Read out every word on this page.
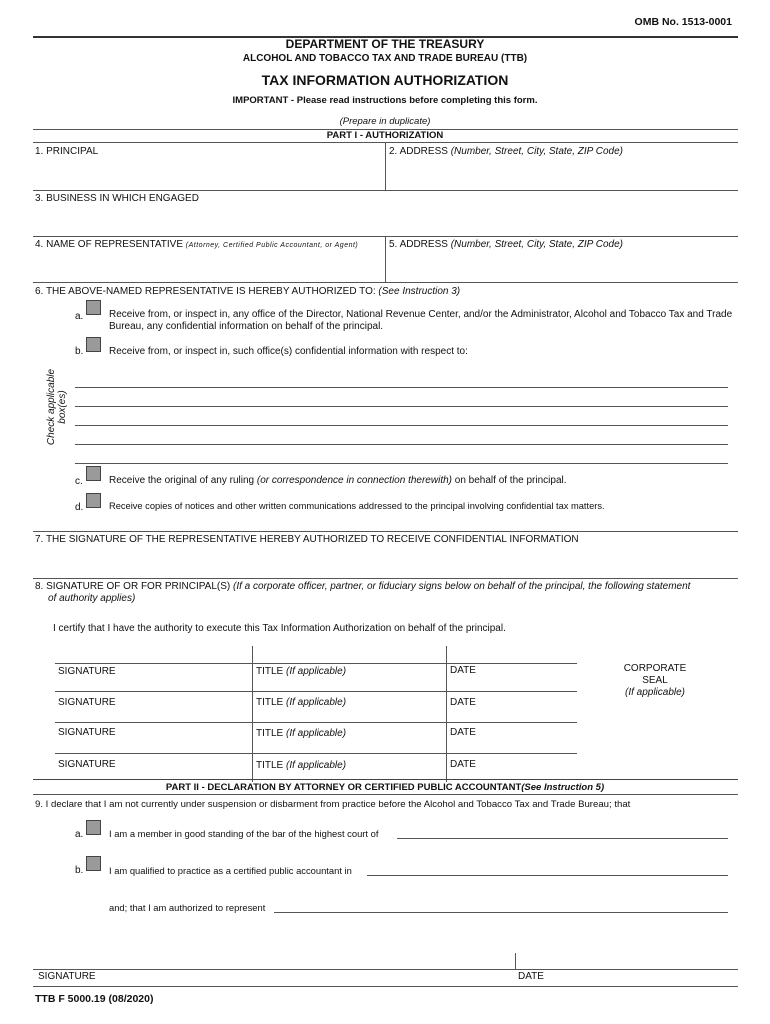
OMB No. 1513-0001
DEPARTMENT OF THE TREASURY
ALCOHOL AND TOBACCO TAX AND TRADE BUREAU (TTB)
TAX INFORMATION AUTHORIZATION
IMPORTANT - Please read instructions before completing this form.
(Prepare in duplicate)
PART I - AUTHORIZATION
1. PRINCIPAL	2. ADDRESS (Number, Street, City, State, ZIP Code)
3. BUSINESS IN WHICH ENGAGED
4. NAME OF REPRESENTATIVE (Attorney, Certified Public Accountant, or Agent)	5. ADDRESS (Number, Street, City, State, ZIP Code)
6. THE ABOVE-NAMED REPRESENTATIVE IS HEREBY AUTHORIZED TO: (See Instruction 3)
Check applicable box(es)
a.	Receive from, or inspect in, any office of the Director, National Revenue Center, and/or the Administrator, Alcohol and Tobacco Tax and Trade Bureau, any confidential information on behalf of the principal.
b.	Receive from, or inspect in, such office(s) confidential information with respect to:
c.	Receive the original of any ruling (or correspondence in connection therewith) on behalf of the principal.
d.	Receive copies of notices and other written communications addressed to the principal involving confidential tax matters.
7. THE SIGNATURE OF THE REPRESENTATIVE HEREBY AUTHORIZED TO RECEIVE CONFIDENTIAL INFORMATION
8. SIGNATURE OF OR FOR PRINCIPAL(S) (If a corporate officer, partner, or fiduciary signs below on behalf of the principal, the following statement
of authority applies)
I certify that I have the authority to execute this Tax Information Authorization on behalf of the principal.
SIGNATURE	TITLE (If applicable)	DATE
SIGNATURE	TITLE (If applicable)	DATE
SIGNATURE	TITLE (If applicable)	DATE
SIGNATURE	TITLE (If applicable)	DATE
CORPORATE
SEAL
(If applicable)
PART II - DECLARATION BY ATTORNEY OR CERTIFIED PUBLIC ACCOUNTANT(See Instruction 5)
9. I declare that I am not currently under suspension or disbarment from practice before the Alcohol and Tobacco Tax and Trade Bureau; that
a.	I am a member in good standing of the bar of the highest court of
b.	I am qualified to practice as a certified public accountant in
and; that I am authorized to represent
SIGNATURE	DATE
TTB F 5000.19 (08/2020)
